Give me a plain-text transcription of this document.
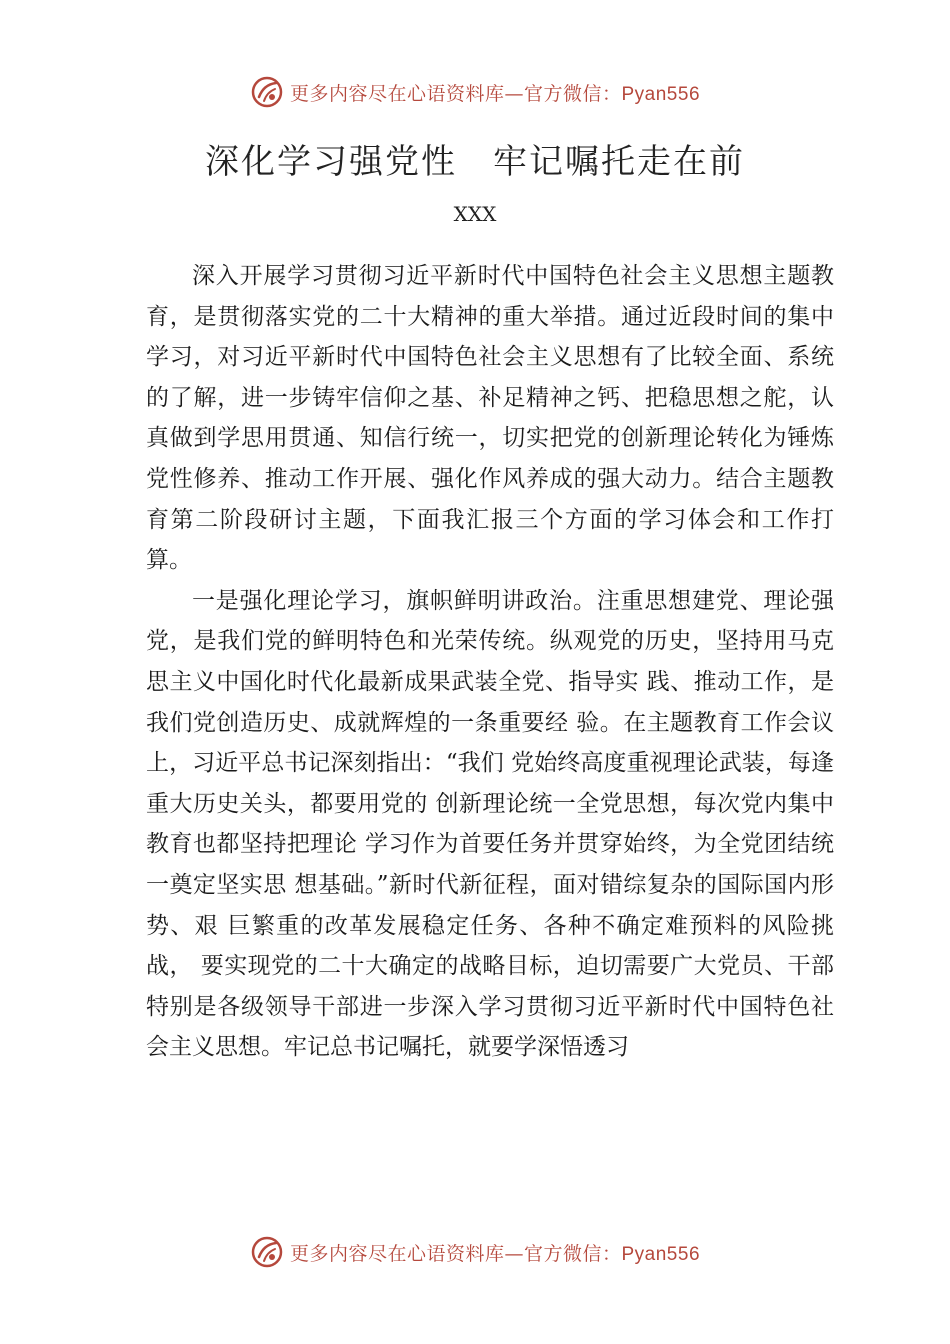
更多内容尽在心语资料库—官方微信：Pyan556
深化学习强党性　牢记嘱托走在前
XXX

深入开展学习贯彻习近平新时代中国特色社会主义思想主题教育，是贯彻落实党的二十大精神的重大举措。通过近段时间的集中学习，对习近平新时代中国特色社会主义思想有了比较全面、系统的了解，进一步铸牢信仰之基、补足精神之钙、把稳思想之舵，认真做到学思用贯通、知信行统一，切实把党的创新理论转化为锤炼党性修养、推动工作开展、强化作风养成的强大动力。结合主题教育第二阶段研讨主题，下面我汇报三个方面的学习体会和工作打算。

一是强化理论学习，旗帜鲜明讲政治。注重思想建党、理论强党，是我们党的鲜明特色和光荣传统。纵观党的历史，坚持用马克思主义中国化时代化最新成果武装全党、指导实 践、推动工作，是我们党创造历史、成就辉煌的一条重要经 验。在主题教育工作会议上，习近平总书记深刻指出：“我们 党始终高度重视理论武装，每逢重大历史关头，都要用党的 创新理论统一全党思想，每次党内集中教育也都坚持把理论 学习作为首要任务并贯穿始终，为全党团结统一奠定坚实思 想基础。”新时代新征程，面对错综复杂的国际国内形势、艰 巨繁重的改革发展稳定任务、各种不确定难预料的风险挑战， 要实现党的二十大确定的战略目标，迫切需要广大党员、干部特别是各级领导干部进一步深入学习贯彻习近平新时代中国特色社会主义思想。牢记总书记嘱托，就要学深悟透习

更多内容尽在心语资料库—官方微信：Pyan556
